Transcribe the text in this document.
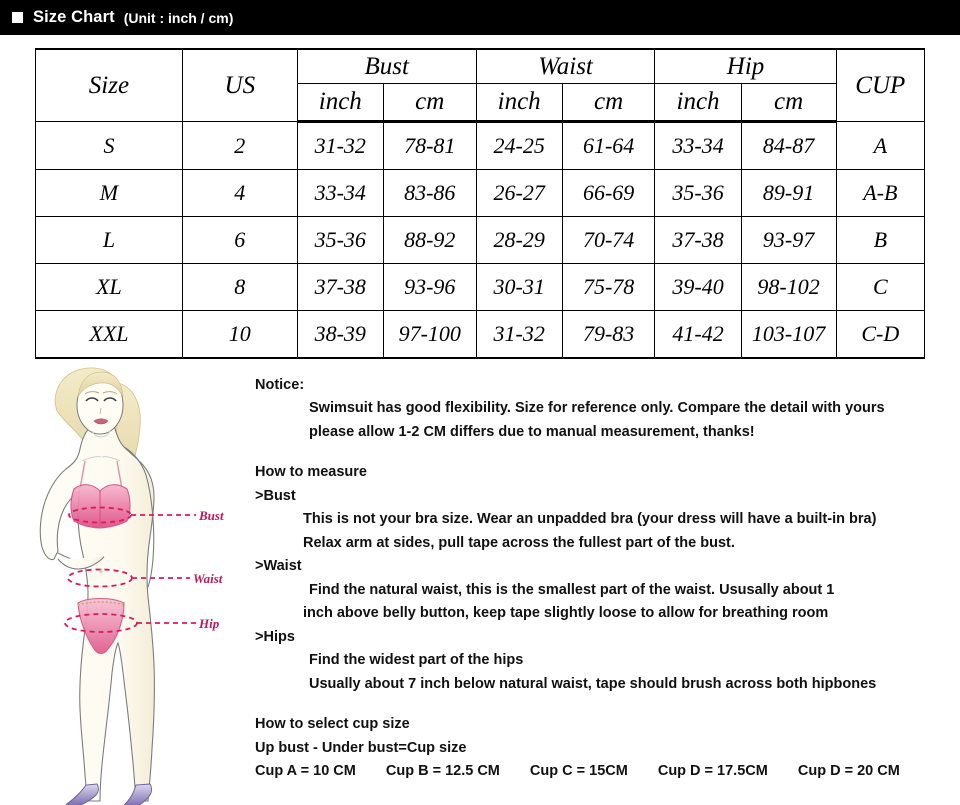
Size Chart (Unit : inch / cm)
Size	US	Bust		Waist		Hip		CUP
		inch	cm	inch	cm	inch	cm	
S	2	31-32	78-81	24-25	61-64	33-34	84-87	A
M	4	33-34	83-86	26-27	66-69	35-36	89-91	A-B
L	6	35-36	88-92	28-29	70-74	37-38	93-97	B
XL	8	37-38	93-96	30-31	75-78	39-40	98-102	C
XXL	10	38-39	97-100	31-32	79-83	41-42	103-107	C-D
Bust
Waist
Hip

Notice:

Swimsuit has good flexibility. Size for reference only. Compare the detail with yours

please allow 1-2 CM differs due to manual measurement, thanks!

How to measure

>Bust

This is not your bra size. Wear an unpadded bra (your dress will have a built-in bra)

Relax arm at sides, pull tape across the fullest part of the bust.

>Waist

Find the natural waist, this is the smallest part of the waist. Ususally about 1

inch above belly button, keep tape slightly loose to allow for breathing room

>Hips

Find the widest part of the hips

Usually about 7 inch below natural waist, tape should brush across both hipbones

How to select cup size

Up bust - Under bust=Cup size

Cup A = 10 CM Cup B = 12.5 CM Cup C = 15CM Cup D = 17.5CM Cup D = 20 CM
